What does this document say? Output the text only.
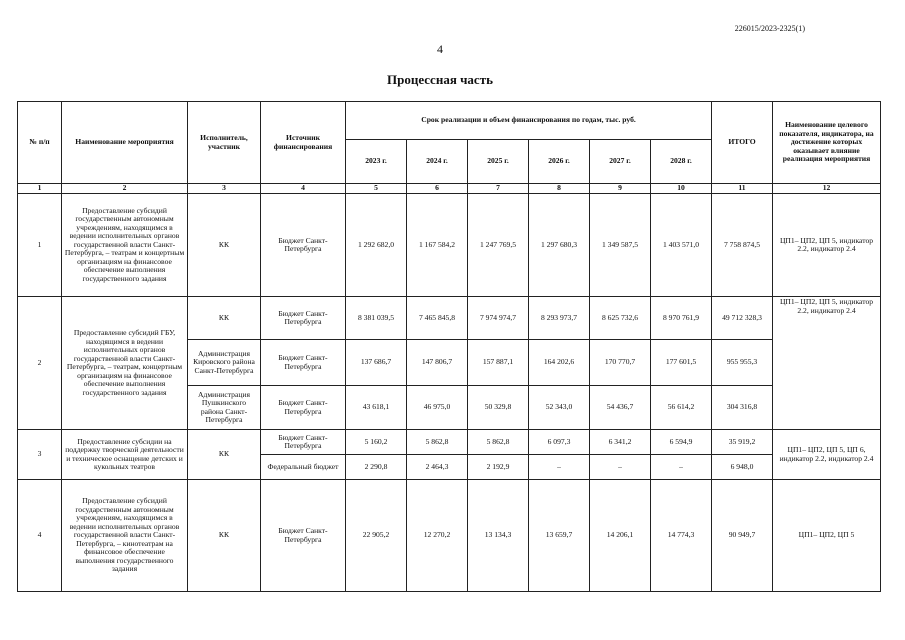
226015/2023-2325(1)
4
Процессная часть
№ п/п	Наименование мероприятия	Исполнитель, участник	Источник финансирования	Срок реализации и объем финансирования по годам, тыс. руб.						ИТОГО	Наименование целевого показателя, индикатора, на достижение которых оказывает влияние реализация мероприятия
				2023 г.	2024 г.	2025 г.	2026 г.	2027 г.	2028 г.		
1	2	3	4	5	6	7	8	9	10	11	12
1	Предоставление субсидий государственным автономным учреждениям, находящимся в ведении исполнительных органов государственной власти Санкт-Петербурга, – театрам и концертным организациям на финансовое обеспечение выполнения государственного задания	КК	Бюджет Санкт-Петербурга	1 292 682,0	1 167 584,2	1 247 769,5	1 297 680,3	1 349 587,5	1 403 571,0	7 758 874,5	ЦП1– ЦП2, ЦП 5, индикатор 2.2, индикатор 2.4
2	Предоставление субсидий ГБУ, находящимся в ведении исполнительных органов государственной власти Санкт-Петербурга, – театрам, концертным организациям на финансовое обеспечение выполнения государственного задания	КК	Бюджет Санкт-Петербурга	8 381 039,5	7 465 845,8	7 974 974,7	8 293 973,7	8 625 732,6	8 970 761,9	49 712 328,3	ЦП1– ЦП2, ЦП 5, индикатор 2.2, индикатор 2.4
		Администрация Кировского района Санкт-Петербурга	Бюджет Санкт-Петербурга	137 686,7	147 806,7	157 887,1	164 202,6	170 770,7	177 601,5	955 955,3	
		Администрация Пушкинского района Санкт-Петербурга	Бюджет Санкт-Петербурга	43 618,1	46 975,0	50 329,8	52 343,0	54 436,7	56 614,2	304 316,8	
3	Предоставление субсидии на поддержку творческой деятельности и техническое оснащение детских и кукольных театров	КК	Бюджет Санкт-Петербурга	5 160,2	5 862,8	5 862,8	6 097,3	6 341,2	6 594,9	35 919,2	ЦП1– ЦП2, ЦП 5, ЦП 6, индикатор 2.2, индикатор 2.4
			Федеральный бюджет	2 290,8	2 464,3	2 192,9	–	–	–	6 948,0	
4	Предоставление субсидий государственным автономным учреждениям, находящимся в ведении исполнительных органов государственной власти Санкт-Петербурга, – кинотеатрам на финансовое обеспечение выполнения государственного задания	КК	Бюджет Санкт-Петербурга	22 905,2	12 270,2	13 134,3	13 659,7	14 206,1	14 774,3	90 949,7	ЦП1– ЦП2, ЦП 5
